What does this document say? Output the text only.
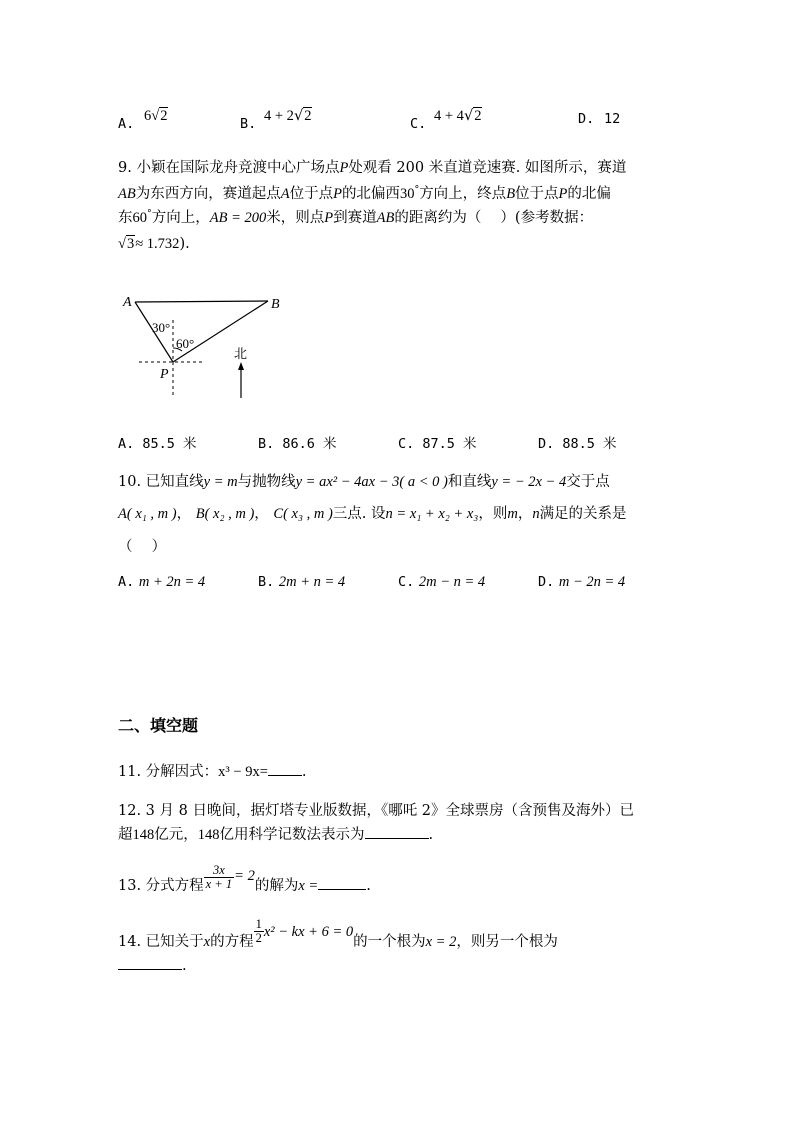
A. 6√2	B. 4 + 2√2	C. 4 + 4√2	D. 12
9. 小颖在国际龙舟竞渡中心广场点P处观看 200 米直道竞速赛. 如图所示，赛道
AB为东西方向，赛道起点A位于点P的北偏西30°方向上，终点B位于点P的北偏
东60°方向上，AB = 200米，则点P到赛道AB的距离约为（　 ）(参考数据：
√3≈ 1.732).
A	B
P
30°
60°
北
A. 85.5 米	B. 86.6 米	C. 87.5 米	D. 88.5 米
10. 已知直线y = m与抛物线y = ax² − 4ax − 3( a < 0 )和直线y = − 2x − 4交于点
A( x₁ , m )， B( x₂ , m )， C( x₃ , m )三点. 设n = x₁ + x₂ + x₃，则m，n满足的关系是
（　 ）
A. m + 2n = 4	B. 2m + n = 4	C. 2m − n = 4	D. m − 2n = 4
二、填空题
11. 分解因式：x³ − 9x= .
12. 3 月 8 日晚间，据灯塔专业版数据，《哪吒 2》全球票房（含预售及海外）已
超148亿元，148亿用科学记数法表示为	.
13. 分式方程 $\frac{3x}{x + 1} = 2$的解为x =	.
14. 已知关于x的方程 $\frac{1}{2} x^2$ − kx + 6 = 0的一个根为x = 2，则另一个根为
.
